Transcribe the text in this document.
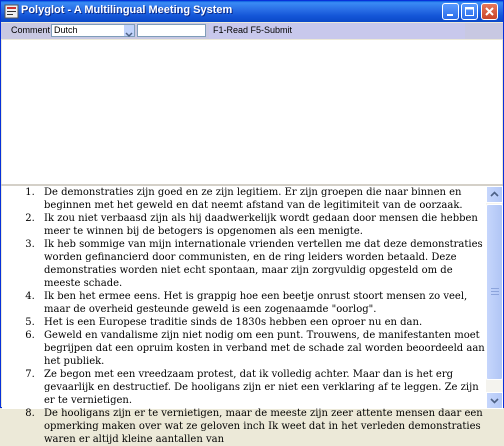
Polyglot - A Multilingual Meeting System
Comment Dutch	F1-Read F5-Submit
1. De demonstraties zijn goed en ze zijn legitiem. Er zijn groepen die naar binnen en beginnen met het geweld en dat neemt afstand van de legitimiteit van de oorzaak.
2. Ik zou niet verbaasd zijn als hij daadwerkelijk wordt gedaan door mensen die hebben meer te winnen bij de betogers is opgenomen als een menigte.
3. Ik heb sommige van mijn internationale vrienden vertellen me dat deze demonstraties worden gefinancierd door communisten, en de ring leiders worden betaald. Deze demonstraties worden niet echt spontaan, maar zijn zorgvuldig opgesteld om de meeste schade.
4. Ik ben het ermee eens. Het is grappig hoe een beetje onrust stoort mensen zo veel, maar de overheid gesteunde geweld is een zogenaamde "oorlog".
5. Het is een Europese traditie sinds de 1830s hebben een oproer nu en dan.
6. Geweld en vandalisme zijn niet nodig om een punt. Trouwens, de manifestanten moet begrijpen dat een opruim kosten in verband met de schade zal worden beoordeeld aan het publiek.
7. Ze begon met een vreedzaam protest, dat ik volledig achter. Maar dan is het erg gevaarlijk en destructief. De hooligans zijn er niet een verklaring af te leggen. Ze zijn er te vernietigen.
8. De hooligans zijn er te vernietigen, maar de meeste zijn zeer attente mensen daar een opmerking maken over wat ze geloven inch Ik weet dat in het verleden demonstraties waren er altijd kleine aantallen van
